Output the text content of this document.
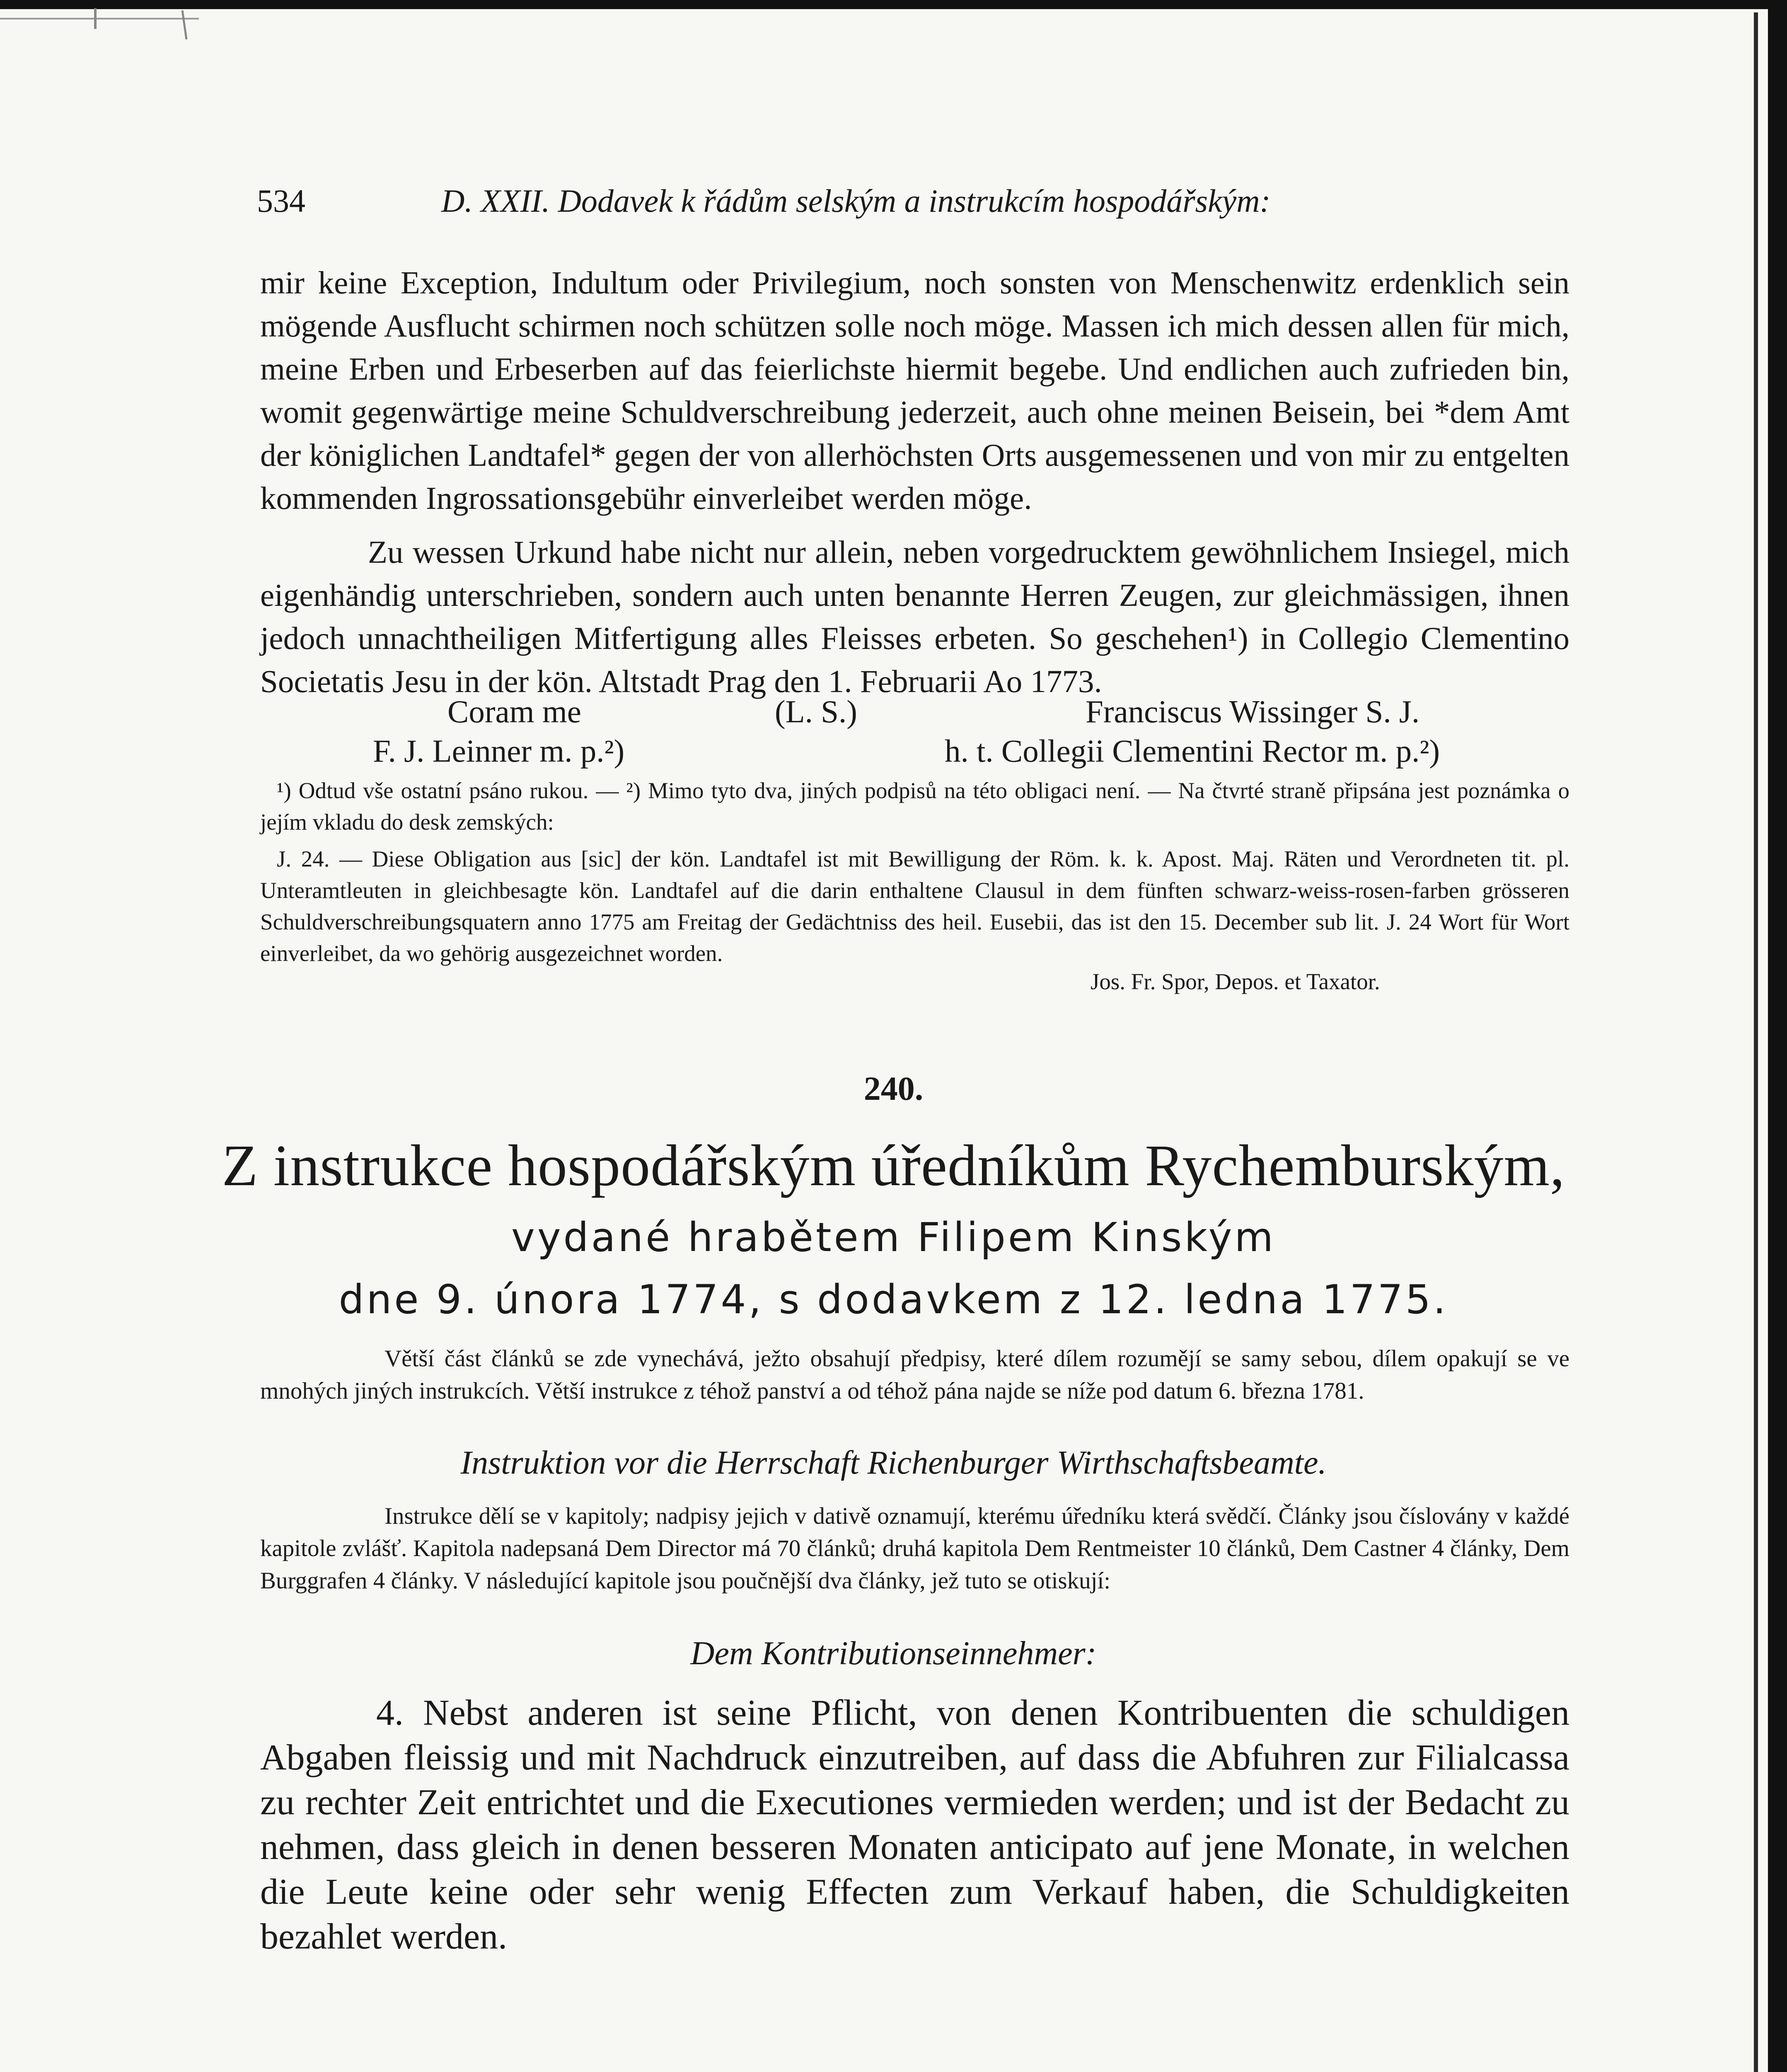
534	D. XXII. Dodavek k řádům selským a instrukcím hospodářským:

mir keine Exception, Indultum oder Privilegium, noch sonsten von Menschenwitz erdenklich sein mögende Ausflucht schirmen noch schützen solle noch möge. Massen ich mich dessen allen für mich, meine Erben und Erbeserben auf das feierlichste hiermit begebe. Und endlichen auch zufrieden bin, womit gegenwärtige meine Schuldverschreibung jederzeit, auch ohne meinen Beisein, bei *dem Amt der königlichen Landtafel* gegen der von allerhöchsten Orts ausgemessenen und von mir zu entgelten kommenden Ingrossationsgebühr einverleibet werden möge.

Zu wessen Urkund habe nicht nur allein, neben vorgedrucktem gewöhnlichem Insiegel, mich eigenhändig unterschrieben, sondern auch unten benannte Herren Zeugen, zur gleichmässigen, ihnen jedoch unnachtheiligen Mitfertigung alles Fleisses erbeten. So geschehen¹) in Collegio Clementino Societatis Jesu in der kön. Altstadt Prag den 1. Februarii Ao 1773.

Coram me	(L. S.)	Franciscus Wissinger S. J.
F. J. Leinner m. p.²)	h. t. Collegii Clementini Rector m. p.²)

¹) Odtud vše ostatní psáno rukou. — ²) Mimo tyto dva, jiných podpisů na této obligaci není. — Na čtvrté straně připsána jest poznámka o jejím vkladu do desk zemských:

J. 24. — Diese Obligation aus [sic] der kön. Landtafel ist mit Bewilligung der Röm. k. k. Apost. Maj. Räten und Verordneten tit. pl. Unteramtleuten in gleichbesagte kön. Landtafel auf die darin enthaltene Clausul in dem fünften schwarz-weiss-rosen-farben grösseren Schuldverschreibungsquatern anno 1775 am Freitag der Gedächtniss des heil. Eusebii, das ist den 15. December sub lit. J. 24 Wort für Wort einverleibet, da wo gehörig ausgezeichnet worden.

Jos. Fr. Spor, Depos. et Taxator.
240.
Z instrukce hospodářským úředníkům Rychemburským,
vydané hrabětem Filipem Kinským
dne 9. února 1774, s dodavkem z 12. ledna 1775.

Větší část článků se zde vynechává, ježto obsahují předpisy, které dílem rozumějí se samy sebou, dílem opakují se ve mnohých jiných instrukcích. Větší instrukce z téhož panství a od téhož pána najde se níže pod datum 6. března 1781.

Instruktion vor die Herrschaft Richenburger Wirthschaftsbeamte.

Instrukce dělí se v kapitoly; nadpisy jejich v dativě oznamují, kterému úředníku která svědčí. Články jsou číslovány v každé kapitole zvlášť. Kapitola nadepsaná Dem Director má 70 článků; druhá kapitola Dem Rentmeister 10 článků, Dem Castner 4 články, Dem Burggrafen 4 články. V následující kapitole jsou poučnější dva články, jež tuto se otiskují:

Dem Kontributionseinnehmer:

4. Nebst anderen ist seine Pflicht, von denen Kontribuenten die schuldigen Abgaben fleissig und mit Nachdruck einzutreiben, auf dass die Abfuhren zur Filialcassa zu rechter Zeit entrichtet und die Executiones vermieden werden; und ist der Bedacht zu nehmen, dass gleich in denen besseren Monaten anticipato auf jene Monate, in welchen die Leute keine oder sehr wenig Effecten zum Verkauf haben, die Schuldigkeiten bezahlet werden.
